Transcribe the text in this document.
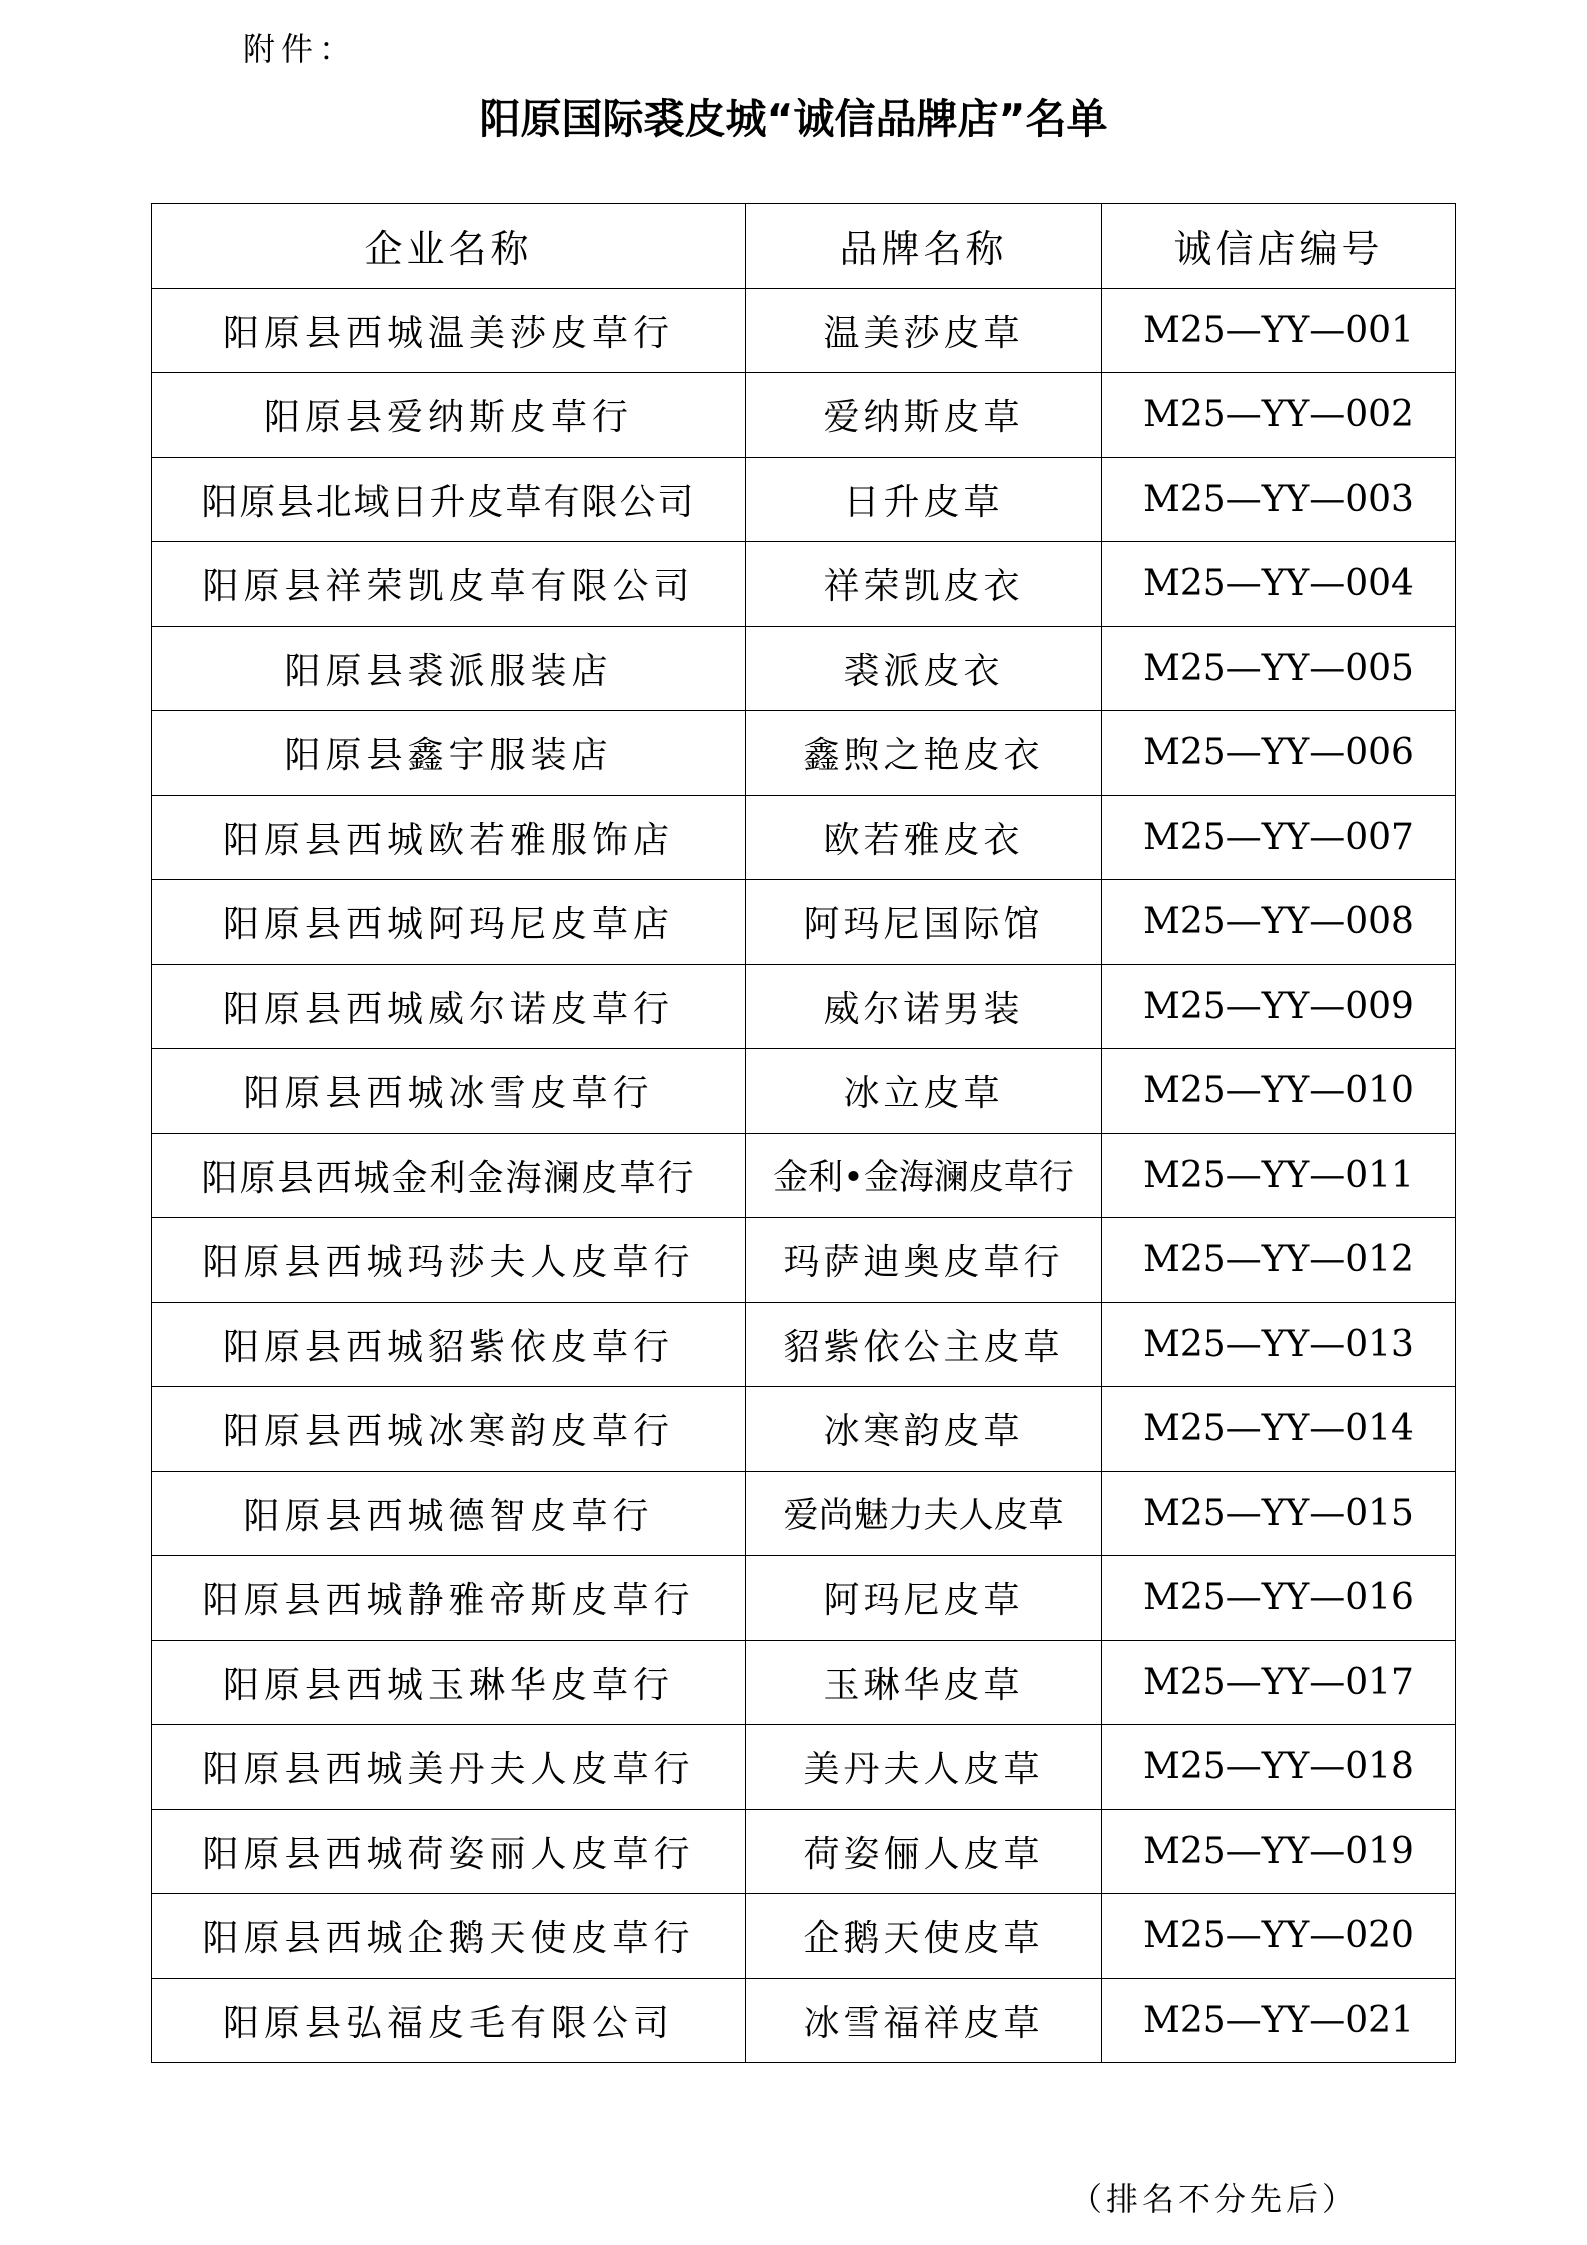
附件：
阳原国际裘皮城“诚信品牌店”名单
企业名称	品牌名称	诚信店编号
阳原县西城温美莎皮草行	温美莎皮草	M25—YY—001
阳原县爱纳斯皮草行	爱纳斯皮草	M25—YY—002
阳原县北域日升皮草有限公司	日升皮草	M25—YY—003
阳原县祥荣凯皮草有限公司	祥荣凯皮衣	M25—YY—004
阳原县裘派服装店	裘派皮衣	M25—YY—005
阳原县鑫宇服装店	鑫煦之艳皮衣	M25—YY—006
阳原县西城欧若雅服饰店	欧若雅皮衣	M25—YY—007
阳原县西城阿玛尼皮草店	阿玛尼国际馆	M25—YY—008
阳原县西城威尔诺皮草行	威尔诺男装	M25—YY—009
阳原县西城冰雪皮草行	冰立皮草	M25—YY—010
阳原县西城金利金海澜皮草行	金利•金海澜皮草行	M25—YY—011
阳原县西城玛莎夫人皮草行	玛萨迪奥皮草行	M25—YY—012
阳原县西城貂紫依皮草行	貂紫依公主皮草	M25—YY—013
阳原县西城冰寒韵皮草行	冰寒韵皮草	M25—YY—014
阳原县西城德智皮草行	爱尚魅力夫人皮草	M25—YY—015
阳原县西城静雅帝斯皮草行	阿玛尼皮草	M25—YY—016
阳原县西城玉琳华皮草行	玉琳华皮草	M25—YY—017
阳原县西城美丹夫人皮草行	美丹夫人皮草	M25—YY—018
阳原县西城荷姿丽人皮草行	荷姿俪人皮草	M25—YY—019
阳原县西城企鹅天使皮草行	企鹅天使皮草	M25—YY—020
阳原县弘福皮毛有限公司	冰雪福祥皮草	M25—YY—021
（排名不分先后）
